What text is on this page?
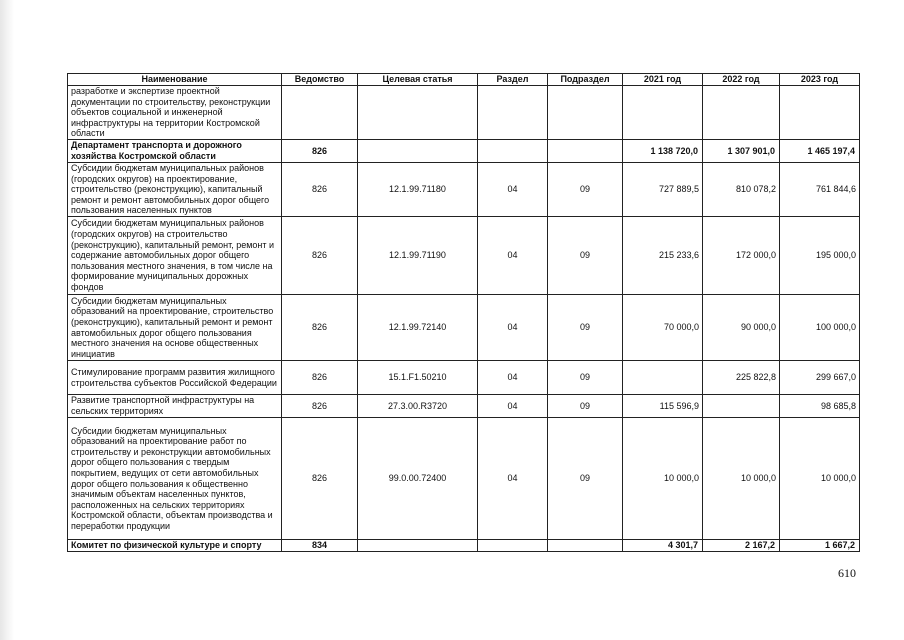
Наименование	Ведомство	Целевая статья	Раздел	Подраздел	2021 год	2022 год	2023 год
разработке и экспертизе проектной документации по строительству, реконструкции объектов социальной и инженерной инфраструктуры на территории Костромской области							
Департамент транспорта и дорожного хозяйства Костромской области	826				1 138 720,0	1 307 901,0	1 465 197,4
Субсидии бюджетам муниципальных районов (городских округов) на проектирование, строительство (реконструкцию), капитальный ремонт и ремонт автомобильных дорог общего пользования населенных пунктов	826	12.1.99.71180	04	09	727 889,5	810 078,2	761 844,6
Субсидии бюджетам муниципальных районов (городских округов) на строительство (реконструкцию), капитальный ремонт, ремонт и содержание автомобильных дорог общего пользования местного значения, в том числе на формирование муниципальных дорожных фондов	826	12.1.99.71190	04	09	215 233,6	172 000,0	195 000,0
Субсидии бюджетам муниципальных образований на проектирование, строительство (реконструкцию), капитальный ремонт и ремонт автомобильных дорог общего пользования местного значения на основе общественных инициатив	826	12.1.99.72140	04	09	70 000,0	90 000,0	100 000,0
Стимулирование программ развития жилищного строительства субъектов Российской Федерации	826	15.1.F1.50210	04	09		225 822,8	299 667,0
Развитие транспортной инфраструктуры на сельских территориях	826	27.3.00.R3720	04	09	115 596,9		98 685,8
Субсидии бюджетам муниципальных образований на проектирование работ по строительству и реконструкции автомобильных дорог общего пользования с твердым покрытием, ведущих от сети автомобильных дорог общего пользования к общественно значимым объектам населенных пунктов, расположенных на сельских территориях Костромской области, объектам производства и переработки продукции	826	99.0.00.72400	04	09	10 000,0	10 000,0	10 000,0
Комитет по физической культуре и спорту	834				4 301,7	2 167,2	1 667,2
610
